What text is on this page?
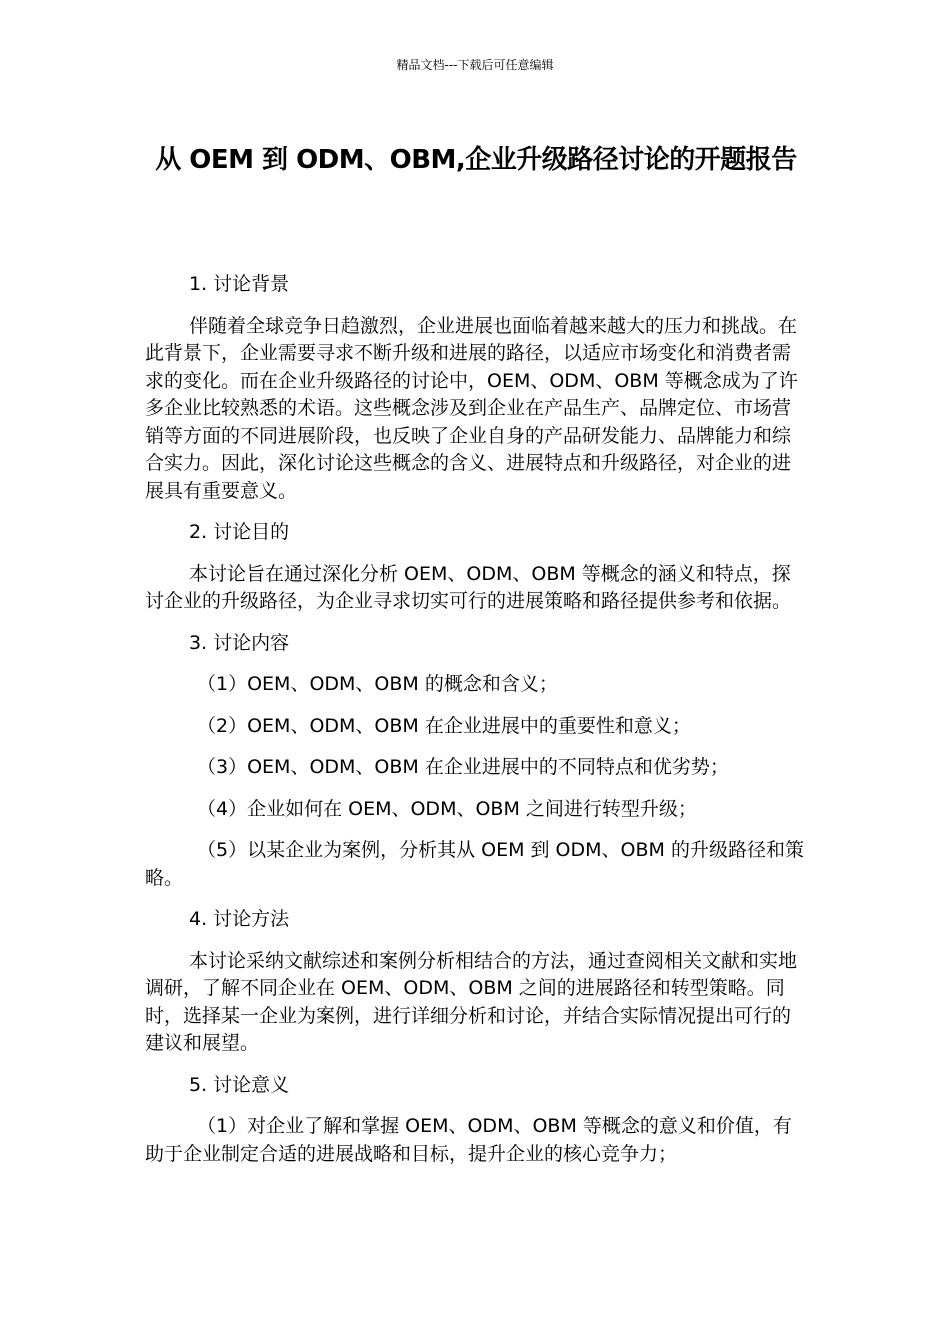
精品文档---下载后可任意编辑
从 OEM 到 ODM、OBM,企业升级路径讨论的开题报告

1. 讨论背景

伴随着全球竞争日趋激烈，企业进展也面临着越来越大的压力和挑战。在此背景下，企业需要寻求不断升级和进展的路径，以适应市场变化和消费者需求的变化。而在企业升级路径的讨论中，OEM、ODM、OBM 等概念成为了许多企业比较熟悉的术语。这些概念涉及到企业在产品生产、品牌定位、市场营销等方面的不同进展阶段，也反映了企业自身的产品研发能力、品牌能力和综合实力。因此，深化讨论这些概念的含义、进展特点和升级路径，对企业的进展具有重要意义。

2. 讨论目的

本讨论旨在通过深化分析 OEM、ODM、OBM 等概念的涵义和特点，探讨企业的升级路径，为企业寻求切实可行的进展策略和路径提供参考和依据。

3. 讨论内容

（1）OEM、ODM、OBM 的概念和含义；

（2）OEM、ODM、OBM 在企业进展中的重要性和意义；

（3）OEM、ODM、OBM 在企业进展中的不同特点和优劣势；

（4）企业如何在 OEM、ODM、OBM 之间进行转型升级；

（5）以某企业为案例，分析其从 OEM 到 ODM、OBM 的升级路径和策略。

4. 讨论方法

本讨论采纳文献综述和案例分析相结合的方法，通过查阅相关文献和实地调研，了解不同企业在 OEM、ODM、OBM 之间的进展路径和转型策略。同时，选择某一企业为案例，进行详细分析和讨论，并结合实际情况提出可行的建议和展望。

5. 讨论意义

（1）对企业了解和掌握 OEM、ODM、OBM 等概念的意义和价值，有助于企业制定合适的进展战略和目标，提升企业的核心竞争力；
